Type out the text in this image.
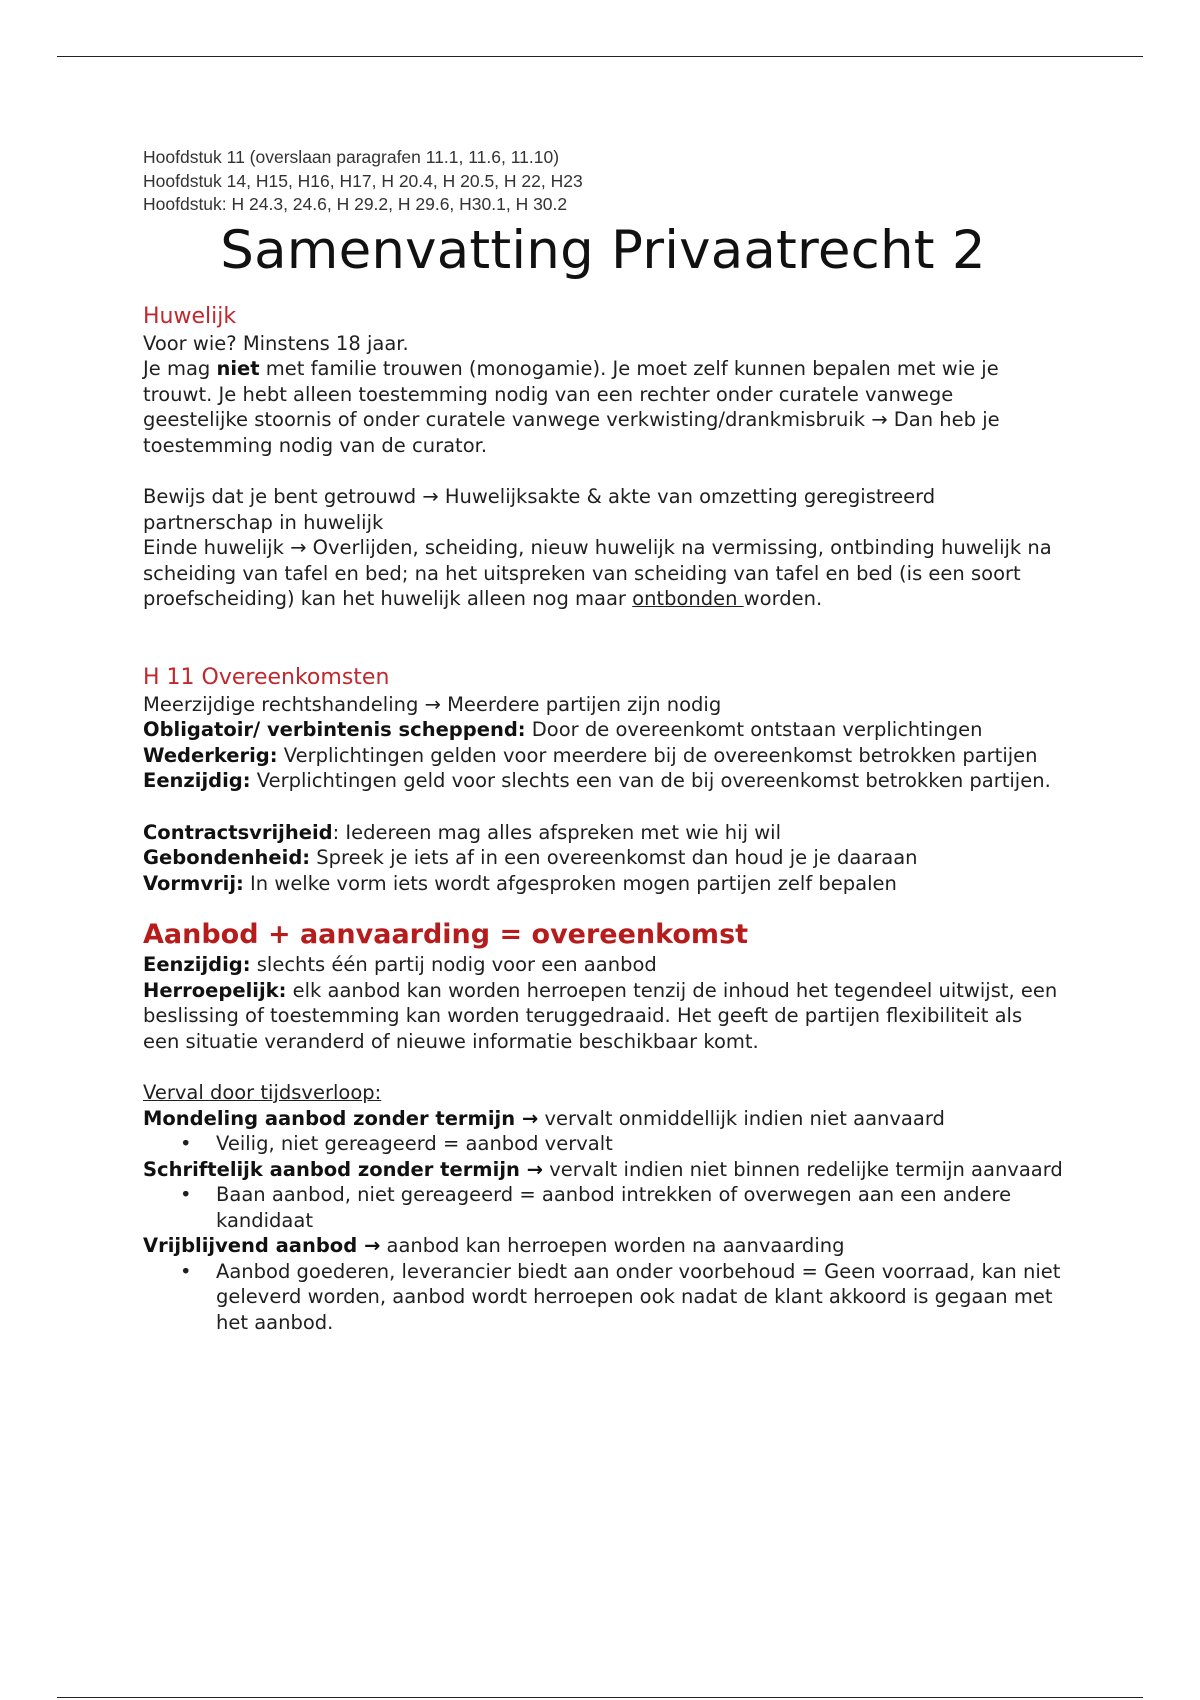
Hoofdstuk 11 (overslaan paragrafen 11.1, 11.6, 11.10)
Hoofdstuk 14, H15, H16, H17, H 20.4, H 20.5, H 22, H23
Hoofdstuk: H 24.3, 24.6, H 29.2, H 29.6, H30.1, H 30.2
Samenvatting Privaatrecht 2
Huwelijk

Voor wie? Minstens 18 jaar.

Je mag niet met familie trouwen (monogamie). Je moet zelf kunnen bepalen met wie je trouwt. Je hebt alleen toestemming nodig van een rechter onder curatele vanwege geestelijke stoornis of onder curatele vanwege verkwisting/drankmisbruik → Dan heb je toestemming nodig van de curator.

Bewijs dat je bent getrouwd → Huwelijksakte & akte van omzetting geregistreerd partnerschap in huwelijk

Einde huwelijk → Overlijden, scheiding, nieuw huwelijk na vermissing, ontbinding huwelijk na scheiding van tafel en bed; na het uitspreken van scheiding van tafel en bed (is een soort proefscheiding) kan het huwelijk alleen nog maar ontbonden worden.

H 11 Overeenkomsten

Meerzijdige rechtshandeling → Meerdere partijen zijn nodig

Obligatoir/ verbintenis scheppend: Door de overeenkomt ontstaan verplichtingen

Wederkerig: Verplichtingen gelden voor meerdere bij de overeenkomst betrokken partijen

Eenzijdig: Verplichtingen geld voor slechts een van de bij overeenkomst betrokken partijen.

Contractsvrijheid: Iedereen mag alles afspreken met wie hij wil

Gebondenheid: Spreek je iets af in een overeenkomst dan houd je je daaraan

Vormvrij: In welke vorm iets wordt afgesproken mogen partijen zelf bepalen

Aanbod + aanvaarding = overeenkomst

Eenzijdig: slechts één partij nodig voor een aanbod

Herroepelijk: elk aanbod kan worden herroepen tenzij de inhoud het tegendeel uitwijst, een beslissing of toestemming kan worden teruggedraaid. Het geeft de partijen flexibiliteit als een situatie veranderd of nieuwe informatie beschikbaar komt.

Verval door tijdsverloop:

Mondeling aanbod zonder termijn → vervalt onmiddellijk indien niet aanvaard

• Veilig, niet gereageerd = aanbod vervalt

Schriftelijk aanbod zonder termijn → vervalt indien niet binnen redelijke termijn aanvaard

• Baan aanbod, niet gereageerd = aanbod intrekken of overwegen aan een andere kandidaat

Vrijblijvend aanbod → aanbod kan herroepen worden na aanvaarding

• Aanbod goederen, leverancier biedt aan onder voorbehoud = Geen voorraad, kan niet geleverd worden, aanbod wordt herroepen ook nadat de klant akkoord is gegaan met het aanbod.
